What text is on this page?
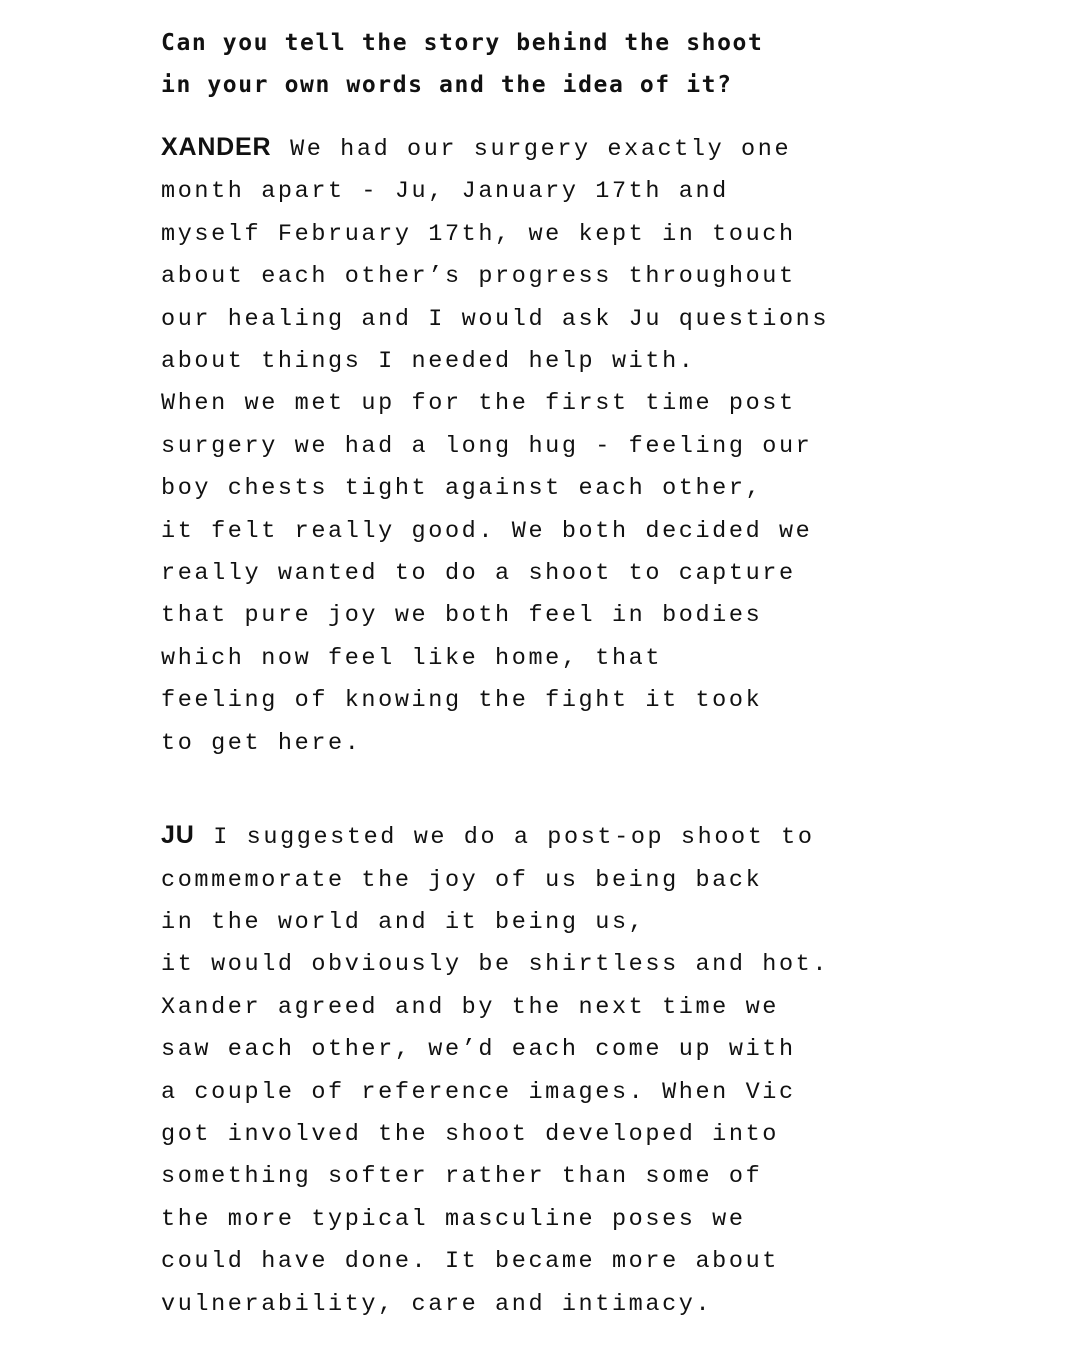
Can you tell the story behind the shoot
in your own words and the idea of it?
XANDER We had our surgery exactly one
month apart - Ju, January 17th and
myself February 17th, we kept in touch
about each other’s progress throughout
our healing and I would ask Ju questions
about things I needed help with.
When we met up for the first time post
surgery we had a long hug - feeling our
boy chests tight against each other,
it felt really good. We both decided we
really wanted to do a shoot to capture
that pure joy we both feel in bodies
which now feel like home, that
feeling of knowing the fight it took
to get here.
JU I suggested we do a post-op shoot to
commemorate the joy of us being back
in the world and it being us,
it would obviously be shirtless and hot.
Xander agreed and by the next time we
saw each other, we’d each come up with
a couple of reference images. When Vic
got involved the shoot developed into
something softer rather than some of
the more typical masculine poses we
could have done. It became more about
vulnerability, care and intimacy.
